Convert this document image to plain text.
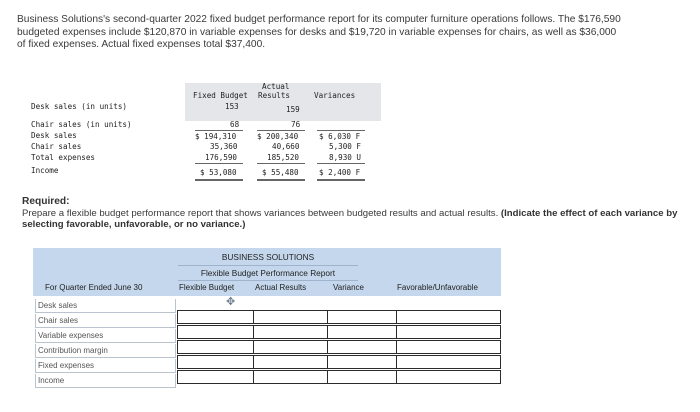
Business Solutions's second-quarter 2022 fixed budget performance report for its computer furniture operations follows. The $176,590
budgeted expenses include $120,870 in variable expenses for desks and $19,720 in variable expenses for chairs, as well as $36,000
of fixed expenses. Actual fixed expenses total $37,400.
Fixed Budget
Actual
Results	Variances
Desk sales (in units)	153	159
Chair sales (in units)	68	76
Desk sales	$ 194,310	$ 200,340	$ 6,030 F
Chair sales	35,360	40,660	5,300 F
Total expenses	176,590	185,520	8,930 U
Income	$ 53,080	$ 55,480	$ 2,400 F
Required:
Prepare a flexible budget performance report that shows variances between budgeted results and actual results. (Indicate the effect of each variance by selecting favorable, unfavorable, or no variance.)
BUSINESS SOLUTIONS
Flexible Budget Performance Report
For Quarter Ended June 30	Flexible Budget	Actual Results	Variance	Favorable/Unfavorable
✥
Desk sales
Chair sales
Variable expenses
Contribution margin
Fixed expenses
Income
